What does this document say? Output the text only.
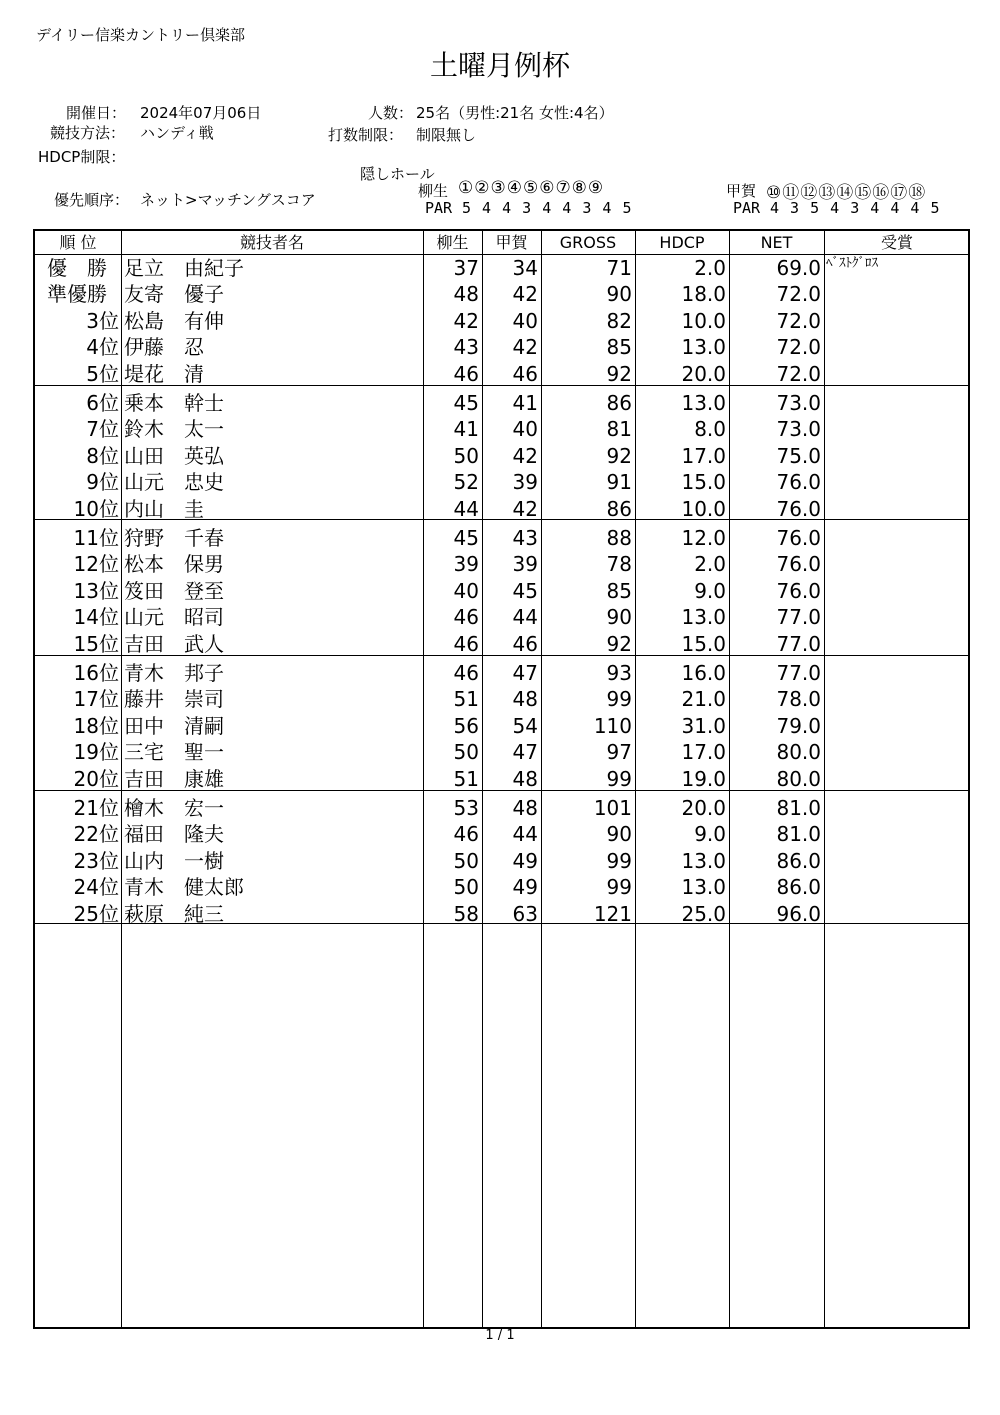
デイリー信楽カントリー倶楽部
土曜月例杯
開催日： 2024年07月06日
競技方法： ハンディ戦
HDCP制限：
人数： 25名（男性:21名 女性:4名）
打数制限： 制限無し
優先順序： ネット>マッチングスコア
隠しホール
柳生 ①②③④⑤⑥⑦⑧⑨
PAR 5 4 4 3 4 4 3 4 5
甲賀 ⑩⑪⑫⑬⑭⑮⑯⑰⑱
PAR 4 3 5 4 3 4 4 4 5
順 位	競技者名	柳生	甲賀	GROSS	HDCP	NET	受賞
優　勝 足立　由紀子	37	34	71	2.0	69.0 ﾍﾞｽﾄｸﾞﾛｽ
準優勝 友寄　優子	48	42	90	18.0	72.0
3位 松島　有伸	42	40	82	10.0	72.0
4位 伊藤　忍	43	42	85	13.0	72.0
5位 堤花　清	46	46	92	20.0	72.0
6位 乗本　幹士	45	41	86	13.0	73.0
7位 鈴木　太一	41	40	81	8.0	73.0
8位 山田　英弘	50	42	92	17.0	75.0
9位 山元　忠史	52	39	91	15.0	76.0
10位 内山　圭	44	42	86	10.0	76.0
11位 狩野　千春	45	43	88	12.0	76.0
12位 松本　保男	39	39	78	2.0	76.0
13位 笈田　登至	40	45	85	9.0	76.0
14位 山元　昭司	46	44	90	13.0	77.0
15位 吉田　武人	46	46	92	15.0	77.0
16位 青木　邦子	46	47	93	16.0	77.0
17位 藤井　崇司	51	48	99	21.0	78.0
18位 田中　清嗣	56	54	110	31.0	79.0
19位 三宅　聖一	50	47	97	17.0	80.0
20位 吉田　康雄	51	48	99	19.0	80.0
21位 檜木　宏一	53	48	101	20.0	81.0
22位 福田　隆夫	46	44	90	9.0	81.0
23位 山内　一樹	50	49	99	13.0	86.0
24位 青木　健太郎	50	49	99	13.0	86.0
25位 萩原　純三	58	63	121	25.0	96.0
1 / 1
